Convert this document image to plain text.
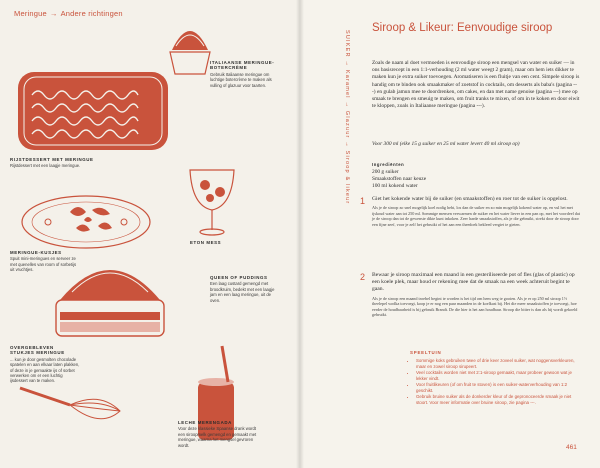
Meringue → Andere richtingen
ITALIAANSE MERINGUE-BOTERCRÈME
Gebruik Italiaanse meringue om luchtige botercrème te maken als vulling of glazuur voor taarten.
RIJSTDESSERT MET MERINGUE
Rijstdessert met een laagje meringue.
MERINGUE-KUSJES
Spuit mini-meringues en serveer ze met quenelles van room of sorbetijs uit vruchtjes.
ETON MESS
QUEEN OF PUDDINGS
Een laag custard gemengd met broodkruim, bedekt met een laagje jam en een laag meringue, uit de oven.
OVERGEBLEVEN STUKJES MERINGUE
... kun je door gesmolten chocolade spatelen en aan elkaar laten plakken, of deze in je gemaakte ijs of sorbet verwerken om er een luchtig ijsdessert van te maken.
LECHE MERENGADA
Voor deze klassieke Spaanse drank wordt een siroopmelk gemengd en gemaakt met meringue, waarna het mengsel gevroren wordt.
SUIKER → Karamel → Glazuur → Siroop & likeur
Siroop & Likeur: Eenvoudige siroop
Zoals de naam al doet vermoeden is eenvoudige siroop een mengsel van water en suiker — in ons basisrecept in een 1:1-verhouding (2 ml water weegt 2 gram), maar om hem iets dikker te maken kun je extra suiker toevoegen. Aromatiseren is een fluitje van een cent. Simpele siroop is handig om te binden ook smaakmaker of zoetstof in cocktails, om desserts als baba's (pagina ---) en gulab jamun mee te doordrenken, om cakes, en dan met name genoise (pagina ---) mee op smaak te brengen en smeuig te maken, om fruit tranks te mixen, of om in te koken en door eiwit te kloppen, zoals in Italiaanse meringue (pagina ---).
Voor 300 ml (elke 15 g suiker en 25 ml water levert 40 ml siroop op)
Ingrediënten
200 g suiker
Smaakstoffen naar keuze
100 ml kokend water
1 Giet het kokende water bij de suiker (en smaakstoffen) en roer tot de suiker is opgelost.
Als je de siroop zo snel mogelijk koel nodig hebt, los dan de suiker en zo min mogelijk kokend water op, en vul het met ijskoud water aan tot 250 ml. Sommige mensen verwarmen de suiker en het water liever in een pan op, met het voordeel dat je de siroop dan tot de gewenste dikte kunt inkoken. Zeer harde smaakstoffen, als je die gebruikt, strekt door de siroop door een fijne zeef, voor je zelf het gebruikt of het aan een theedoek bekleed vergiet te gieten.
2 Bewaar je siroop maximaal een maand in een gesteriliseerde pot of fles (glas of plastic) op een koele plek, maar houd er rekening mee dat de smaak na een week achteruit begint te gaan.
Als je de siroop een maand troebel begint te worden is het tijd om hem weg te gooien. Als je er op 250 ml siroop 1½ theelepel wodka toevoegt, koop je er nog een paar maanden in de koelkast bij. Het die meer smaakstoffen je toevoegt, hoe eerder de houdbaarheid is bij gebruik Brandt. De die hier is het aan houdbaar. Siroop die bitter is dan als hij wordt gekoeld gebruikt.
SPEELTUIN
• Sommige koks gebruiken twee of drie keer zoveel suiker, wat noggensverkleuren, maar en zowel siroop sirupeert.
• Veel cocktails worden niet met 2:1-siroop gemaakt, maar probeer gewoon wat je lekker vindt.
• Voor fruitlikeuren (of om fruit te stoven) is een suiker-waterverhouding van 1:2 geschikt.
• Gebruik bruine suiker als de donkerder kleur of de gepronoceerde smaak je niet stoort. Voor meer informatie over bruine siroop, zie pagina ---.
461
